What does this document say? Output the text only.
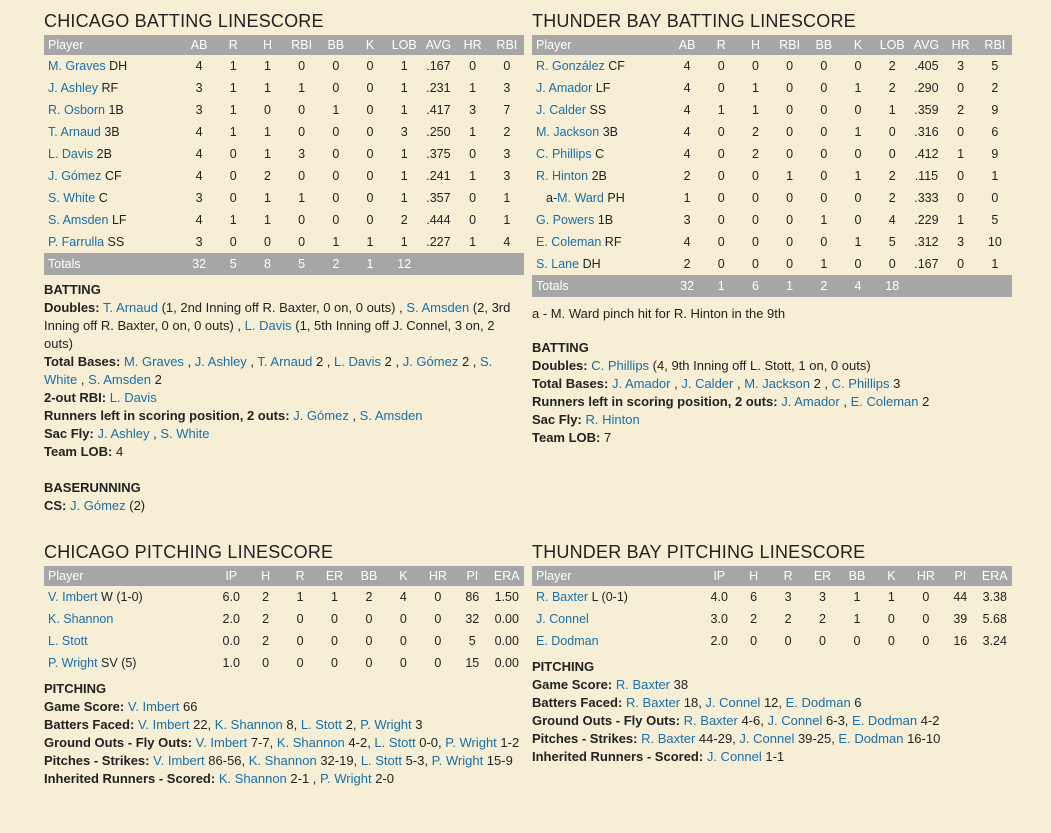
CHICAGO BATTING LINESCORE
Player	AB	R	H	RBI	BB	K	LOB	AVG	HR	RBI
M. Graves DH	4	1	1	0	0	0	1	.167	0	0
J. Ashley RF	3	1	1	1	0	0	1	.231	1	3
R. Osborn 1B	3	1	0	0	1	0	1	.417	3	7
T. Arnaud 3B	4	1	1	0	0	0	3	.250	1	2
L. Davis 2B	4	0	1	3	0	0	1	.375	0	3
J. Gómez CF	4	0	2	0	0	0	1	.241	1	3
S. White C	3	0	1	1	0	0	1	.357	0	1
S. Amsden LF	4	1	1	0	0	0	2	.444	0	1
P. Farrulla SS	3	0	0	0	1	1	1	.227	1	4
Totals	32	5	8	5	2	1	12			
BATTING
Doubles: T. Arnaud (1, 2nd Inning off R. Baxter, 0 on, 0 outs) , S. Amsden (2, 3rd Inning off R. Baxter, 0 on, 0 outs) , L. Davis (1, 5th Inning off J. Connel, 3 on, 2 outs)
Total Bases: M. Graves , J. Ashley , T. Arnaud 2 , L. Davis 2 , J. Gómez 2 , S. White , S. Amsden 2
2-out RBI: L. Davis
Runners left in scoring position, 2 outs: J. Gómez , S. Amsden
Sac Fly: J. Ashley , S. White
Team LOB: 4
BASERUNNING
CS: J. Gómez (2)
THUNDER BAY BATTING LINESCORE
Player	AB	R	H	RBI	BB	K	LOB	AVG	HR	RBI
R. González CF	4	0	0	0	0	0	2	.405	3	5
J. Amador LF	4	0	1	0	0	1	2	.290	0	2
J. Calder SS	4	1	1	0	0	0	1	.359	2	9
M. Jackson 3B	4	0	2	0	0	1	0	.316	0	6
C. Phillips C	4	0	2	0	0	0	0	.412	1	9
R. Hinton 2B	2	0	0	1	0	1	2	.115	0	1
a-M. Ward PH	1	0	0	0	0	0	2	.333	0	0
G. Powers 1B	3	0	0	0	1	0	4	.229	1	5
E. Coleman RF	4	0	0	0	0	1	5	.312	3	10
S. Lane DH	2	0	0	0	1	0	0	.167	0	1
Totals	32	1	6	1	2	4	18			
a - M. Ward pinch hit for R. Hinton in the 9th
BATTING
Doubles: C. Phillips (4, 9th Inning off L. Stott, 1 on, 0 outs)
Total Bases: J. Amador , J. Calder , M. Jackson 2 , C. Phillips 3
Runners left in scoring position, 2 outs: J. Amador , E. Coleman 2
Sac Fly: R. Hinton
Team LOB: 7
CHICAGO PITCHING LINESCORE
Player	IP	H	R	ER	BB	K	HR	PI	ERA
V. Imbert W (1-0)	6.0	2	1	1	2	4	0	86	1.50
K. Shannon	2.0	2	0	0	0	0	0	32	0.00
L. Stott	0.0	2	0	0	0	0	0	5	0.00
P. Wright SV (5)	1.0	0	0	0	0	0	0	15	0.00
PITCHING
Game Score: V. Imbert 66
Batters Faced: V. Imbert 22, K. Shannon 8, L. Stott 2, P. Wright 3
Ground Outs - Fly Outs: V. Imbert 7-7, K. Shannon 4-2, L. Stott 0-0, P. Wright 1-2
Pitches - Strikes: V. Imbert 86-56, K. Shannon 32-19, L. Stott 5-3, P. Wright 15-9
Inherited Runners - Scored: K. Shannon 2-1 , P. Wright 2-0
THUNDER BAY PITCHING LINESCORE
Player	IP	H	R	ER	BB	K	HR	PI	ERA
R. Baxter L (0-1)	4.0	6	3	3	1	1	0	44	3.38
J. Connel	3.0	2	2	2	1	0	0	39	5.68
E. Dodman	2.0	0	0	0	0	0	0	16	3.24
PITCHING
Game Score: R. Baxter 38
Batters Faced: R. Baxter 18, J. Connel 12, E. Dodman 6
Ground Outs - Fly Outs: R. Baxter 4-6, J. Connel 6-3, E. Dodman 4-2
Pitches - Strikes: R. Baxter 44-29, J. Connel 39-25, E. Dodman 16-10
Inherited Runners - Scored: J. Connel 1-1
